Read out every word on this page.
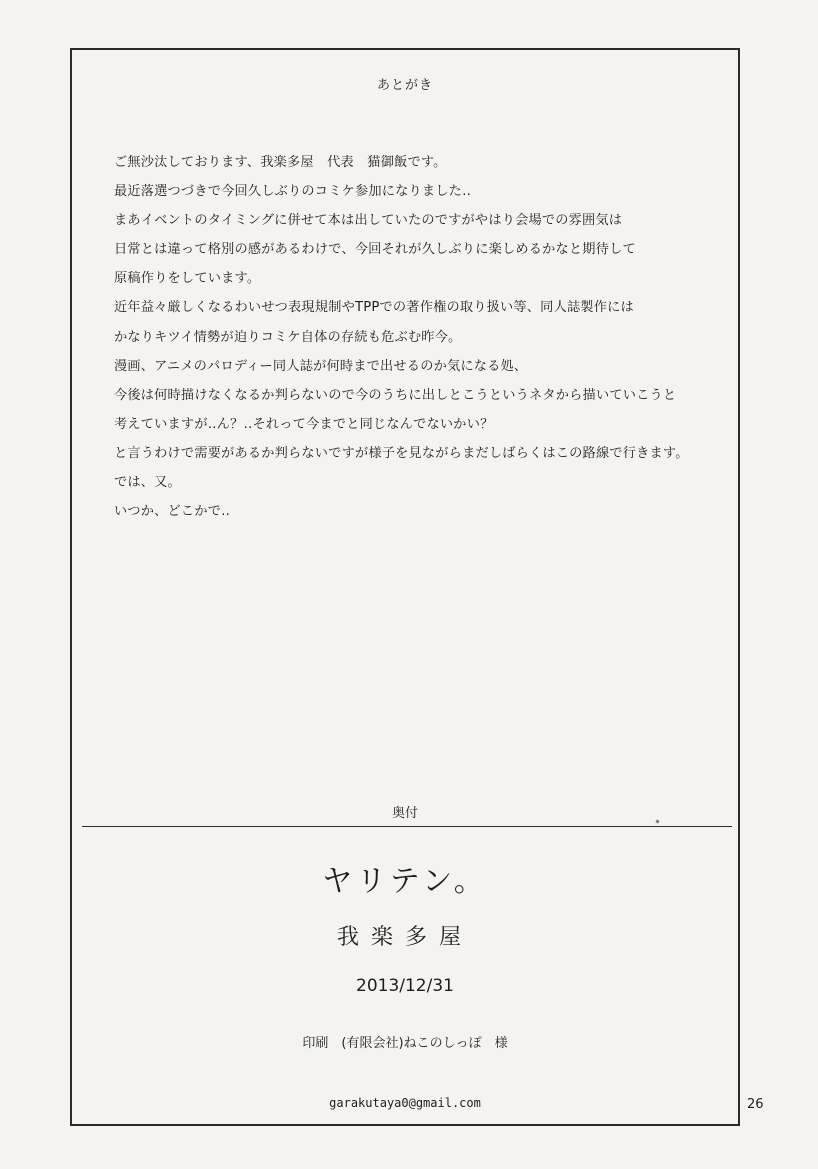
あとがき
ご無沙汰しております、我楽多屋　代表　猫御飯です。
最近落選つづきで今回久しぶりのコミケ参加になりました‥
まあイベントのタイミングに併せて本は出していたのですがやはり会場での雰囲気は
日常とは違って格別の感があるわけで、今回それが久しぶりに楽しめるかなと期待して
原稿作りをしています。
近年益々厳しくなるわいせつ表現規制やTPPでの著作権の取り扱い等、同人誌製作には
かなりキツイ情勢が迫りコミケ自体の存続も危ぶむ昨今。
漫画、アニメのパロディー同人誌が何時まで出せるのか気になる処、
今後は何時描けなくなるか判らないので今のうちに出しとこうというネタから描いていこうと
考えていますが‥ん？‥それって今までと同じなんでないかい？
と言うわけで需要があるか判らないですが様子を見ながらまだしばらくはこの路線で行きます。
では、又。
いつか、どこかで‥
奥付
ヤリテン。
我楽多屋
2013/12/31
印刷　(有限会社)ねこのしっぽ　様
garakutaya0@gmail.com	26
